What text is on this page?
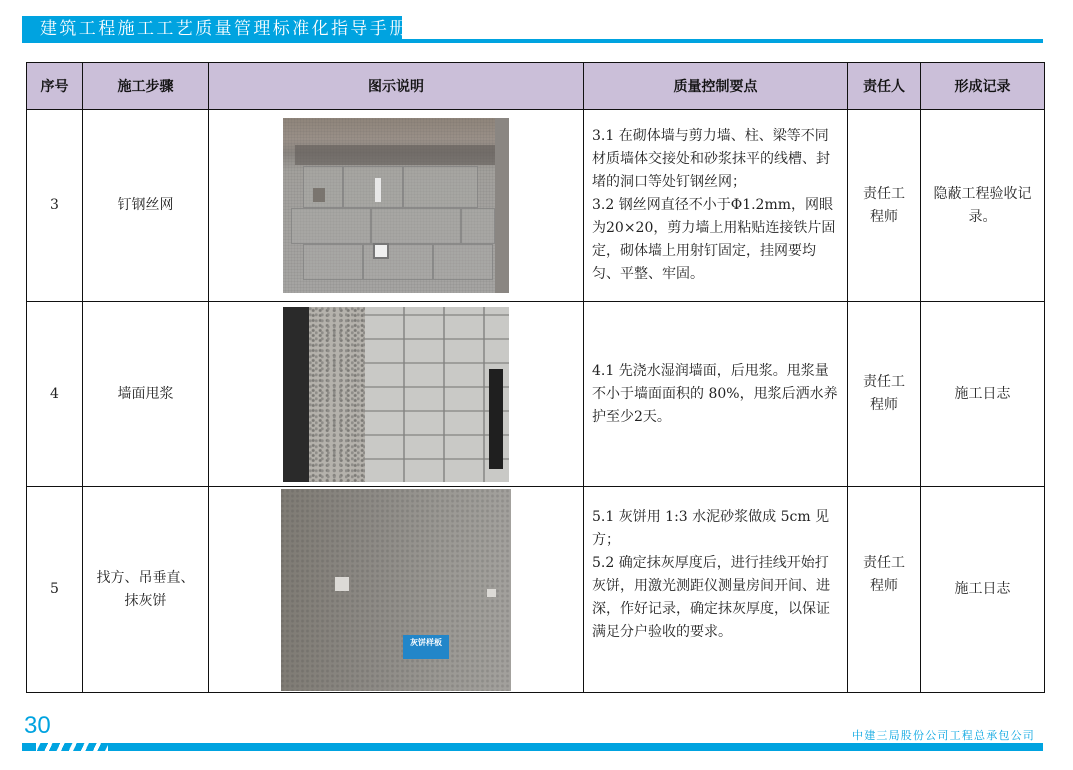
建筑工程施工工艺质量管理标准化指导手册
序号	施工步骤	图示说明	质量控制要点	责任人	形成记录
3	钉钢丝网		3.1 在砌体墙与剪力墙、柱、梁等不同材质墙体交接处和砂浆抹平的线槽、封堵的洞口等处钉钢丝网；
3.2 钢丝网直径不小于Φ1.2mm，网眼为20×20，剪力墙上用粘贴连接铁片固定，砌体墙上用射钉固定，挂网要均匀、平整、牢固。	责任工程师	隐蔽工程验收记录。
4	墙面甩浆		4.1 先浇水湿润墙面，后甩浆。甩浆量不小于墙面面积的 80%，甩浆后洒水养护至少2天。	责任工程师	施工日志
5	找方、吊垂直、抹灰饼	灰饼样板	5.1 灰饼用 1:3 水泥砂浆做成 5cm 见方；
5.2 确定抹灰厚度后，进行挂线开始打灰饼，用激光测距仪测量房间开间、进深，作好记录，确定抹灰厚度，以保证满足分户验收的要求。	责任工程师	施工日志
30	中建三局股份公司工程总承包公司
